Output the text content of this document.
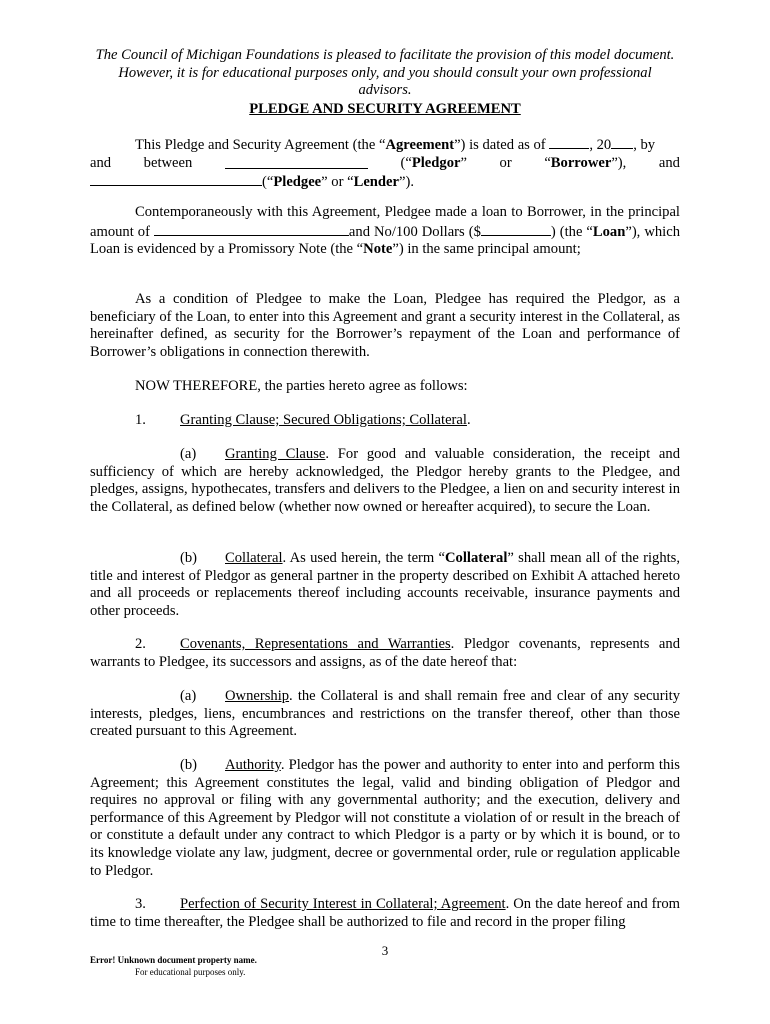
The Council of Michigan Foundations is pleased to facilitate the provision of this model document. However, it is for educational purposes only, and you should consult your own professional advisors.
PLEDGE AND SECURITY AGREEMENT
This Pledge and Security Agreement (the “Agreement”) is dated as of	, 20 , by
and between	(“Pledgor” or “Borrower”), and
(“Pledgee” or “Lender”).
Contemporaneously with this Agreement, Pledgee made a loan to Borrower, in the principal amount of	and No/100 Dollars ($	) (the “Loan”), which Loan is evidenced by a Promissory Note (the “Note”) in the same principal amount;
As a condition of Pledgee to make the Loan, Pledgee has required the Pledgor, as a beneficiary of the Loan, to enter into this Agreement and grant a security interest in the Collateral, as hereinafter defined, as security for the Borrower’s repayment of the Loan and performance of Borrower’s obligations in connection therewith.
NOW THEREFORE, the parties hereto agree as follows:
1. Granting Clause; Secured Obligations; Collateral.
(a) Granting Clause. For good and valuable consideration, the receipt and sufficiency of which are hereby acknowledged, the Pledgor hereby grants to the Pledgee, and pledges, assigns, hypothecates, transfers and delivers to the Pledgee, a lien on and security interest in the Collateral, as defined below (whether now owned or hereafter acquired), to secure the Loan.
(b) Collateral. As used herein, the term “Collateral” shall mean all of the rights, title and interest of Pledgor as general partner in the property described on Exhibit A attached hereto and all proceeds or replacements thereof including accounts receivable, insurance payments and other proceeds.
2. Covenants, Representations and Warranties. Pledgor covenants, represents and warrants to Pledgee, its successors and assigns, as of the date hereof that:
(a) Ownership. the Collateral is and shall remain free and clear of any security interests, pledges, liens, encumbrances and restrictions on the transfer thereof, other than those created pursuant to this Agreement.
(b) Authority. Pledgor has the power and authority to enter into and perform this Agreement; this Agreement constitutes the legal, valid and binding obligation of Pledgor and requires no approval or filing with any governmental authority; and the execution, delivery and performance of this Agreement by Pledgor will not constitute a violation of or result in the breach of or constitute a default under any contract to which Pledgor is a party or by which it is bound, or to its knowledge violate any law, judgment, decree or governmental order, rule or regulation applicable to Pledgor.
3. Perfection of Security Interest in Collateral; Agreement. On the date hereof and from time to time thereafter, the Pledgee shall be authorized to file and record in the proper filing
3
Error! Unknown document property name.
For educational purposes only.
